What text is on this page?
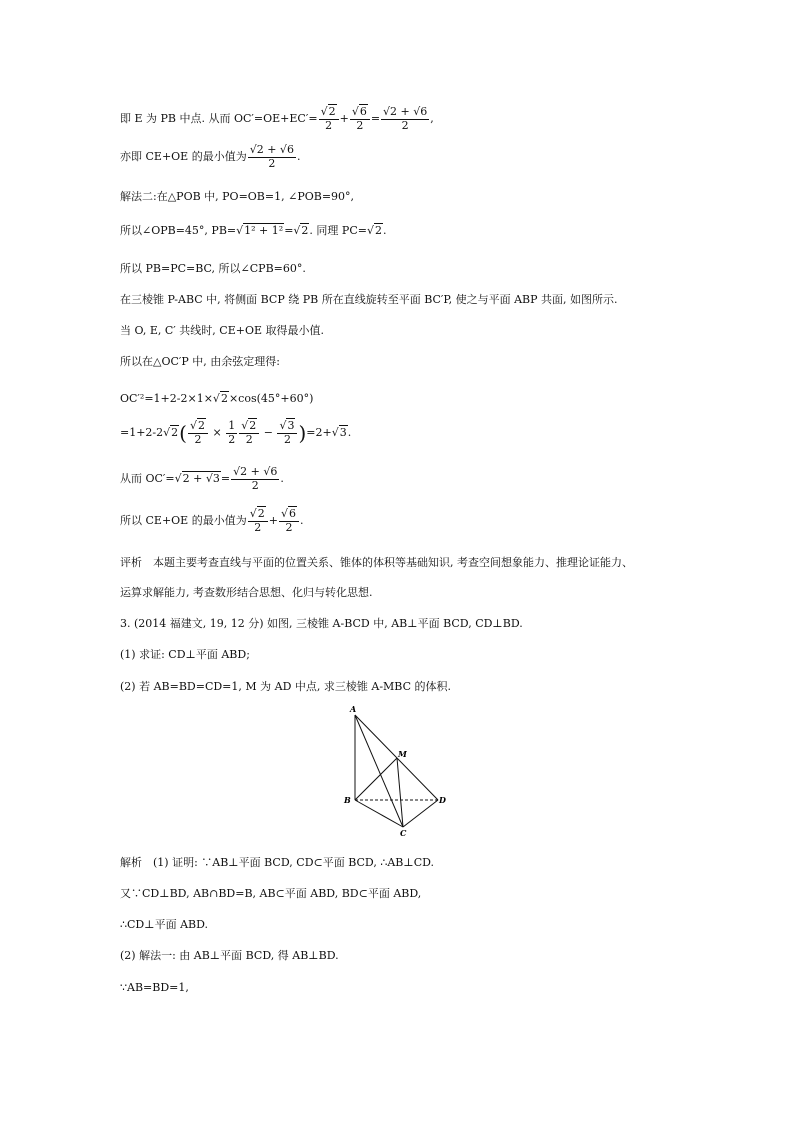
即 E 为 PB 中点. 从而 $OC'=OE+EC'= \frac{√2}{2} + \frac{√6}{2} = \frac{√2 + √6}{2}$ ,
亦即 CE+OE 的最小值为 $\frac{√2 + √6}{2}$ .
解法二:在△POB 中, PO=OB=1, ∠POB=90°,
所以∠OPB=45°, PB=√1² + 1²=√2. 同理 PC=√2.
所以 PB=PC=BC, 所以∠CPB=60°.
在三棱锥 P-ABC 中, 将侧面 BCP 绕 PB 所在直线旋转至平面 BC′P, 使之与平面 ABP 共面, 如图所示.
当 O, E, C′ 共线时, CE+OE 取得最小值.
所以在△OC′P 中, 由余弦定理得:
OC′²=1+2-2×1×√2×cos(45°+60°)
$=1+2-2√2( \frac{√2}{2} \times \frac{1}{2} \frac{√2}{2} - \frac{√3}{2} )=2+√3$.
从而 $OC'=√2 + √3= \frac{√2 + √6}{2}$ .
所以 CE+OE 的最小值为 $\frac{√2}{2} + \frac{√6}{2}$ .
评析　本题主要考查直线与平面的位置关系、锥体的体积等基础知识, 考查空间想象能力、推理论证能力、
运算求解能力, 考查数形结合思想、化归与转化思想.
3. (2014 福建文, 19, 12 分) 如图, 三棱锥 A-BCD 中, AB⊥平面 BCD, CD⊥BD.
(1) 求证: CD⊥平面 ABD;
(2) 若 AB=BD=CD=1, M 为 AD 中点, 求三棱锥 A-MBC 的体积.
A
M
B	D
C
解析　(1) 证明: ∵AB⊥平面 BCD, CD⊂平面 BCD, ∴AB⊥CD.
又∵CD⊥BD, AB∩BD=B, AB⊂平面 ABD, BD⊂平面 ABD,
∴CD⊥平面 ABD.
(2) 解法一: 由 AB⊥平面 BCD, 得 AB⊥BD.
∵AB=BD=1,
